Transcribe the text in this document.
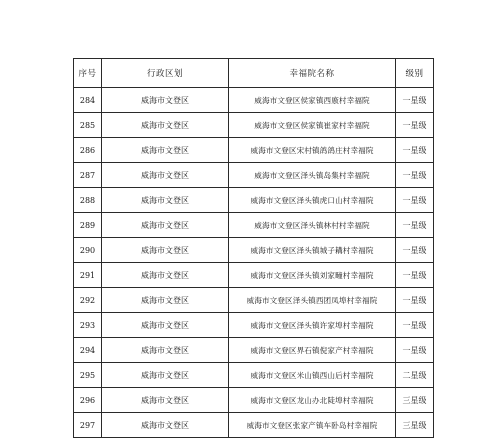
序号	行政区划	幸福院名称	级别
284	威海市文登区	威海市文登区侯家镇西廒村幸福院	一星级
285	威海市文登区	威海市文登区侯家镇崔家村幸福院	一星级
286	威海市文登区	威海市文登区宋村镇鸽鸽庄村幸福院	一星级
287	威海市文登区	威海市文登区泽头镇岛集村幸福院	一星级
288	威海市文登区	威海市文登区泽头镇虎口山村幸福院	一星级
289	威海市文登区	威海市文登区泽头镇林村村幸福院	一星级
290	威海市文登区	威海市文登区泽头镇城子耩村幸福院	一星级
291	威海市文登区	威海市文登区泽头镇刘家疃村幸福院	一星级
292	威海市文登区	威海市文登区泽头镇西团凤埠村幸福院	一星级
293	威海市文登区	威海市文登区泽头镇许家埠村幸福院	一星级
294	威海市文登区	威海市文登区界石镇倪家产村幸福院	一星级
295	威海市文登区	威海市文登区米山镇西山后村幸福院	二星级
296	威海市文登区	威海市文登区龙山办北陡埠村幸福院	三星级
297	威海市文登区	威海市文登区张家产镇车卧岛村幸福院	三星级
